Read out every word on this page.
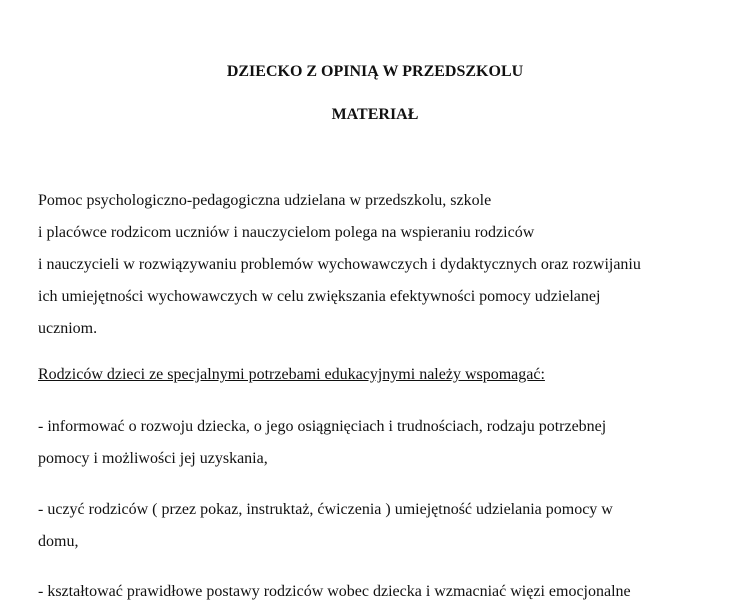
DZIECKO Z OPINIĄ W PRZEDSZKOLU
MATERIAŁ
Pomoc psychologiczno-pedagogiczna udzielana w przedszkolu, szkole
i placówce rodzicom uczniów i nauczycielom polega na wspieraniu rodziców
i nauczycieli w rozwiązywaniu problemów wychowawczych i dydaktycznych oraz rozwijaniu
ich umiejętności wychowawczych w celu zwiększania efektywności pomocy udzielanej
uczniom.
Rodziców dzieci ze specjalnymi potrzebami edukacyjnymi należy wspomagać:
- informować o rozwoju dziecka, o jego osiągnięciach i trudnościach, rodzaju potrzebnej
pomocy i możliwości jej uzyskania,
- uczyć rodziców ( przez pokaz, instruktaż, ćwiczenia ) umiejętność udzielania pomocy w
domu,
- kształtować prawidłowe postawy rodziców wobec dziecka i wzmacniać więzi emocjonalne
